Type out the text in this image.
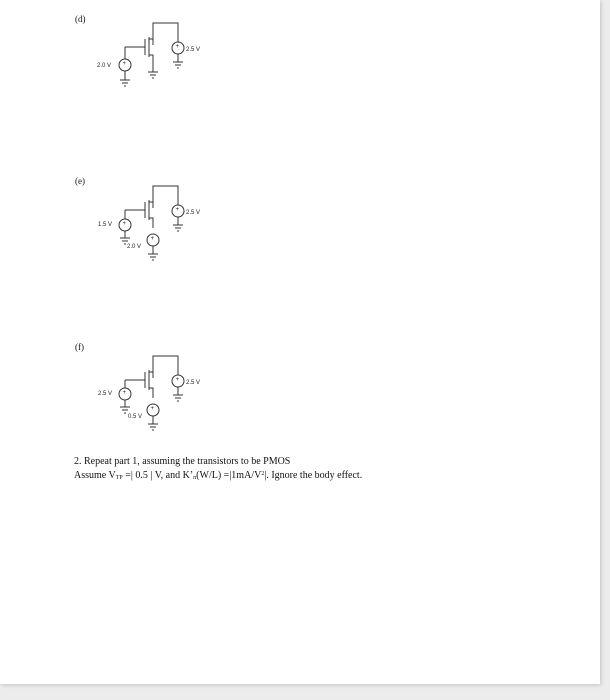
(d)
+
+ 2.5 V
2.0 V
(e)
+
+
+ 2.5 V
1.5 V
2.0 V
(f)
+
+
+ 2.5 V
2.5 V
0.5 V
2. Repeat part 1, assuming the transistors to be PMOS
Assume $V_{TP}$ =| 0.5 | V, and $K’_n(W/L) =|1mA/V^2|$. Ignore the body effect.
